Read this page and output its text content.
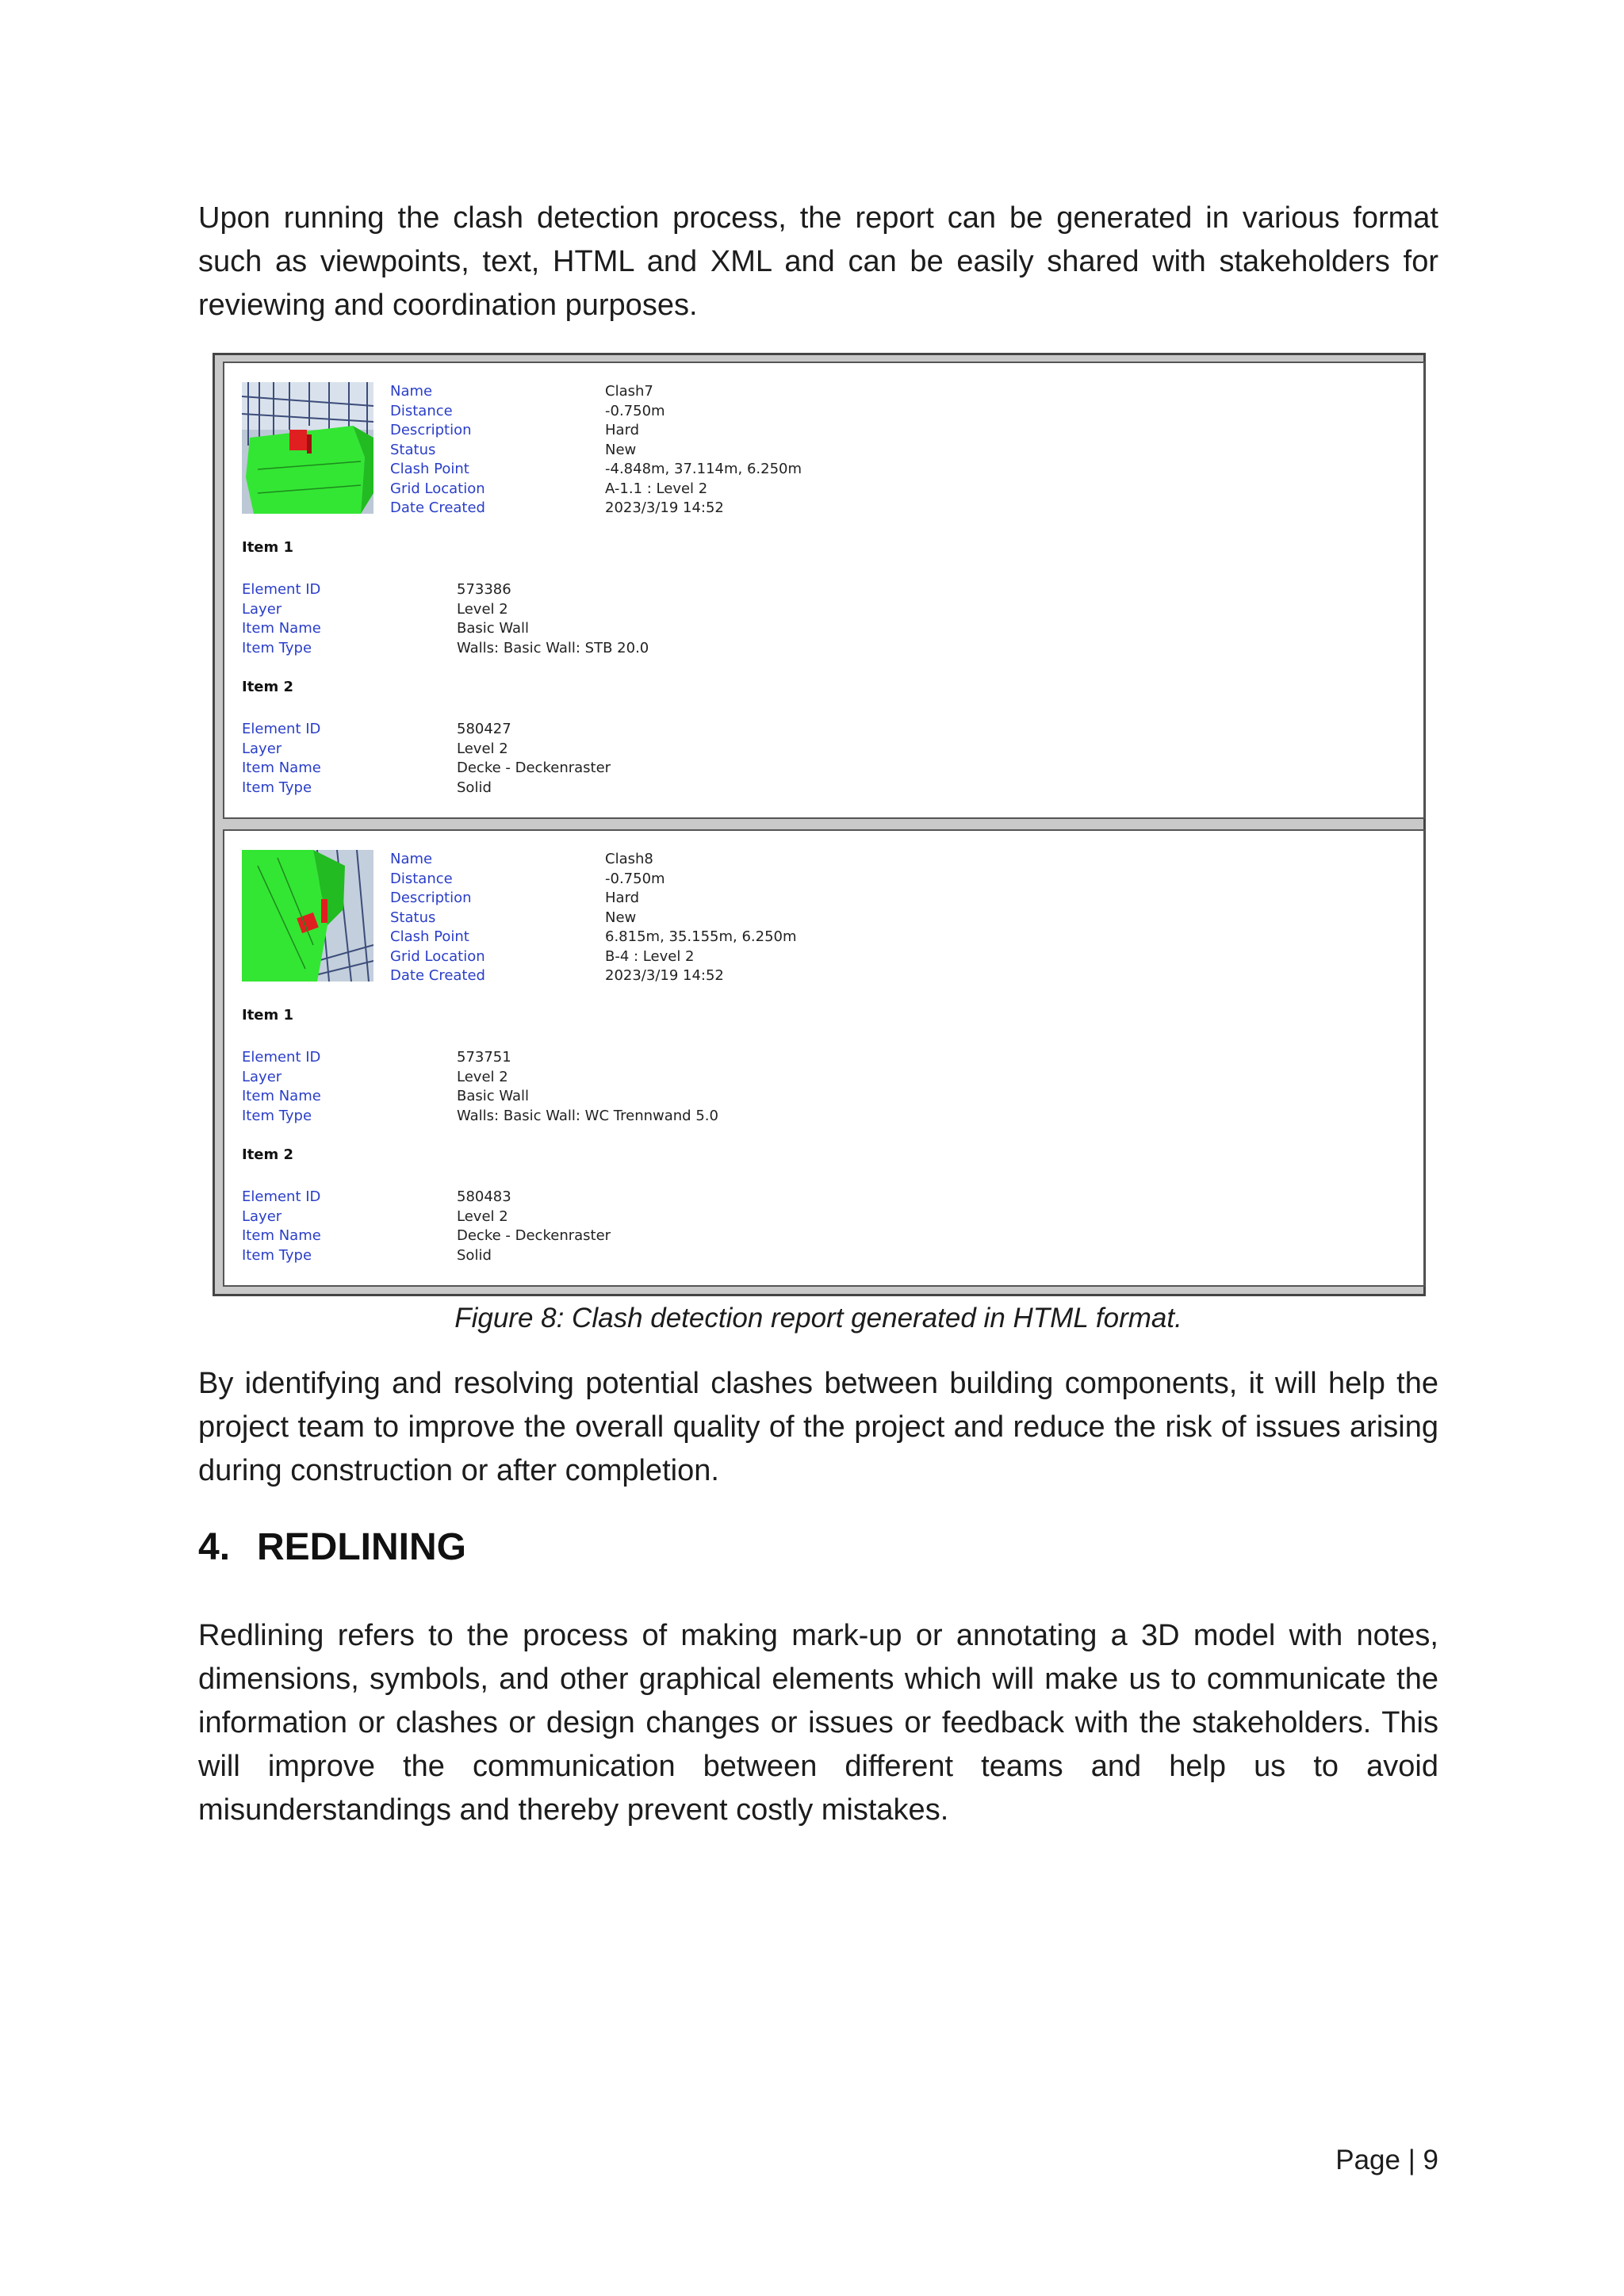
Upon running the clash detection process, the report can be generated in various format such as viewpoints, text, HTML and XML and can be easily shared with stakeholders for reviewing and coordination purposes.

Name	Clash7
Distance	-0.750m
Description	Hard
Status	New
Clash Point	-4.848m, 37.114m, 6.250m
Grid Location	A-1.1 : Level 2
Date Created	2023/3/19 14:52
Item 1
Element ID	573386
Layer	Level 2
Item Name	Basic Wall
Item Type	Walls: Basic Wall: STB 20.0
Item 2
Element ID	580427
Layer	Level 2
Item Name	Decke - Deckenraster
Item Type	Solid
Name	Clash8
Distance	-0.750m
Description	Hard
Status	New
Clash Point	6.815m, 35.155m, 6.250m
Grid Location	B-4 : Level 2
Date Created	2023/3/19 14:52
Item 1
Element ID	573751
Layer	Level 2
Item Name	Basic Wall
Item Type	Walls: Basic Wall: WC Trennwand 5.0
Item 2
Element ID	580483
Layer	Level 2
Item Name	Decke - Deckenraster
Item Type	Solid

Figure 8: Clash detection report generated in HTML format.

By identifying and resolving potential clashes between building components, it will help the project team to improve the overall quality of the project and reduce the risk of issues arising during construction or after completion.

4. REDLINING

Redlining refers to the process of making mark-up or annotating a 3D model with notes, dimensions, symbols, and other graphical elements which will make us to communicate the information or clashes or design changes or issues or feedback with the stakeholders. This will improve the communication between different teams and help us to avoid misunderstandings and thereby prevent costly mistakes.

Page | 9
